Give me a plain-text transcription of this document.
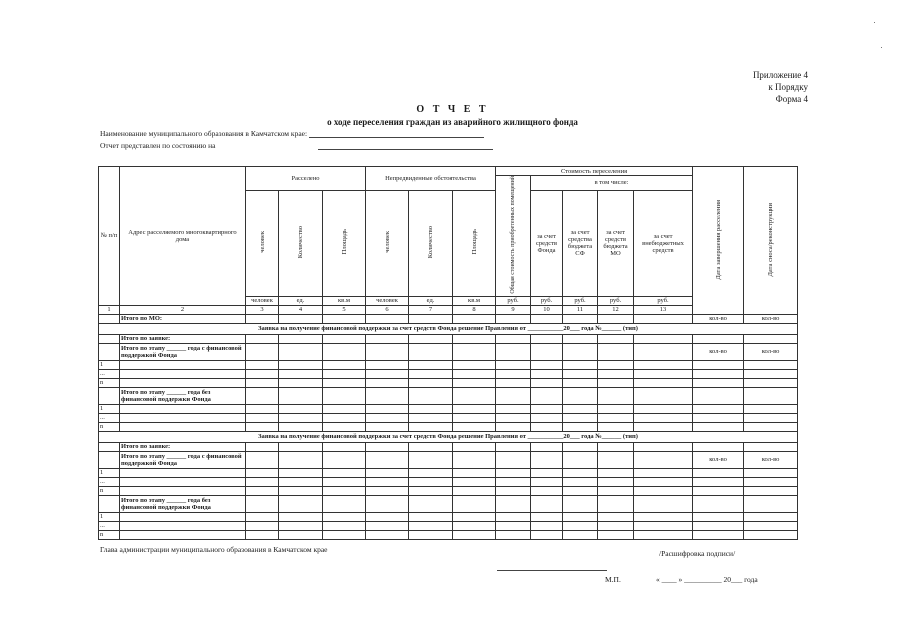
Приложение 4
к Порядку
Форма 4
О Т Ч Е Т
о ходе переселения граждан из аварийного жилищного фонда
Наименование муниципального образования в Камчатском крае:
Отчет представлен по состоянию на
№ п/п	Адрес расселяемого многоквартирного дома	Расселено			Непредвиденные обстоятельства			Стоимость переселения					Дата завершения расселения	Дата сноса/реконструкции	
								Общая стоимость приобретенных помещений	в том числе:						
		человек	Количество	Площадь	человек	Количество	Площадь		за счет средств Фонда	за счет средства бюджета СФ	за счет средств бюджета МО	за счет внебюджетных средств			
		человек	ед.	кв.м	человек	ед.	кв.м	руб.	руб.	руб.	руб.	руб.			
1	2	3	4	5	6	7	8	9	10	11	12	13		
	Итого по МО:												кол-во	кол-во	
Заявка на получение финансовой поддержки за счет средств Фонда решение Правления от ___________20___ года №______ (тип)															
	Итого по заявке:														
	Итого по этапу ______ года с финансовой поддержкой Фонда												кол-во	кол-во	
1															
...															
n															
	Итого по этапу ______ года без финансовой поддержки Фонда														
1															
...															
n															
Заявка на получение финансовой поддержки за счет средств Фонда решение Правления от ___________20___ года №______ (тип)															
	Итого по заявке:														
	Итого по этапу ______ года с финансовой поддержкой Фонда												кол-во	кол-во	
1															
...															
n															
	Итого по этапу ______ года без финансовой поддержки Фонда														
1															
...															
n															
Глава администрации муниципального образования в Камчатском крае	/Расшифровка подписи/
М.П.	« ____ » __________ 20___ года
